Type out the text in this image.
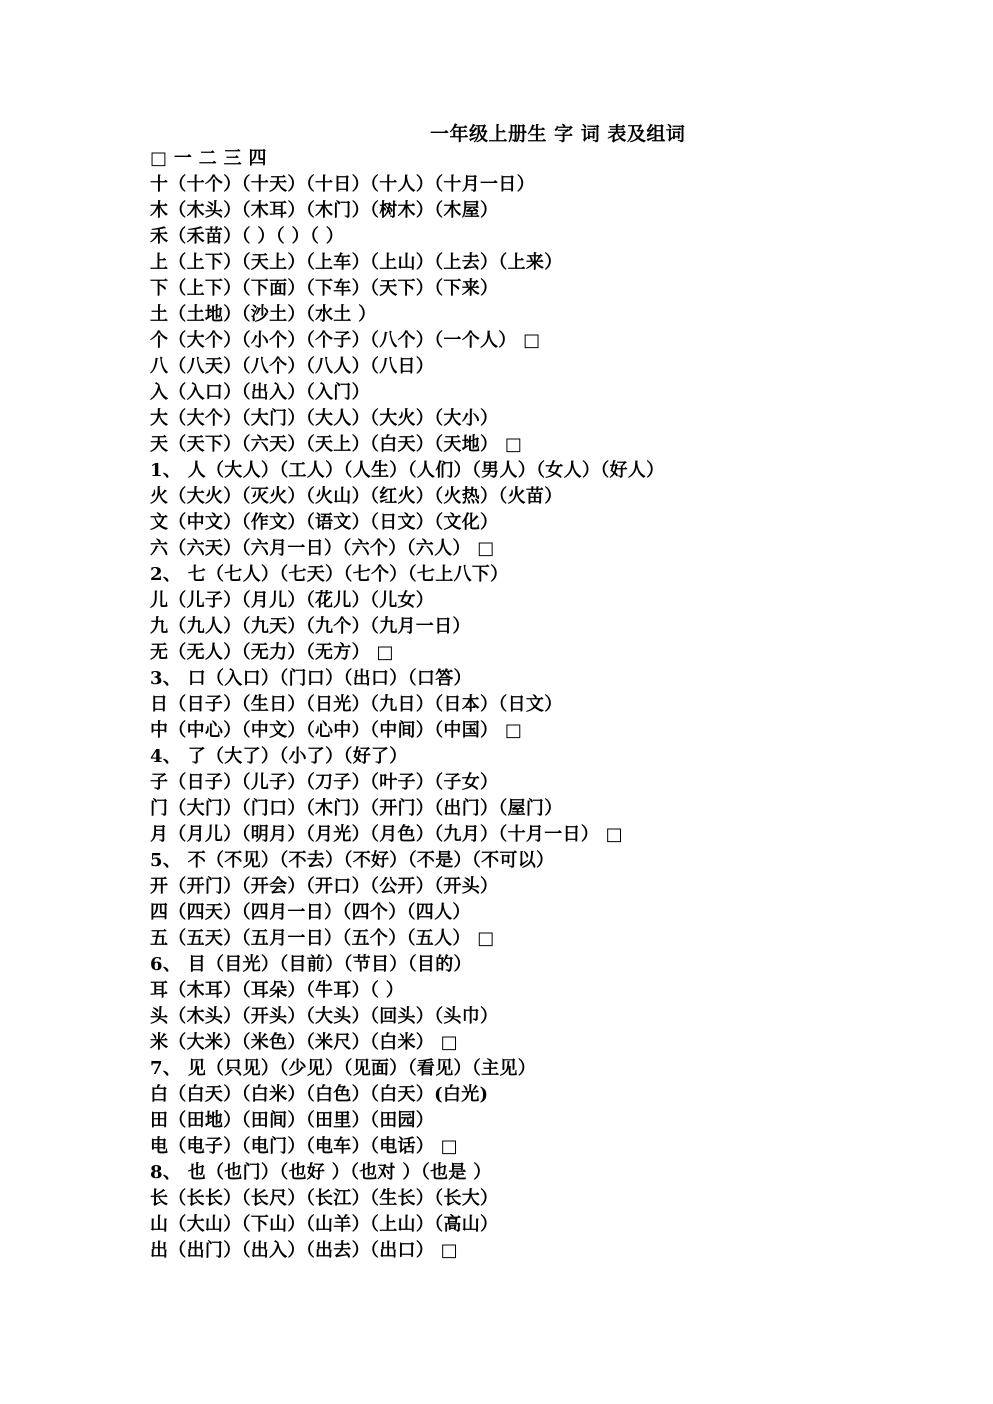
一年级上册生 字 词 表及组词
□ 一 二 三 四
十（十个）（十天）（十日）（十人）（十月一日）
木（木头）（木耳）（木门）（树木）（木屋）
禾（禾苗）（ ）（ ）（ ）
上（上下）（天上）（上车）（上山）（上去）（上来）
下（上下）（下面）（下车）（天下）（下来）
土（土地）（沙土）（水土 ）
个（大个）（小个）（个子）（八个）（一个人） □
八（八天）（八个）（八人）（八日）
入（入口）（出入）（入门）
大（大个）（大门）（大人）（大火）（大小）
天（天下）（六天）（天上）（白天）（天地） □
1、 人（大人）（工人）（人生）（人们）（男人）（女人）（好人）
火（大火）（灭火）（火山）（红火）（火热）（火苗）
文（中文）（作文）（语文）（日文）（文化）
六（六天）（六月一日）（六个）（六人） □
2、 七（七人）（七天）（七个）（七上八下）
儿（儿子）（月儿）（花儿）（儿女）
九（九人）（九天）（九个）（九月一日）
无（无人）（无力）（无方） □
3、 口（入口）（门口）（出口）（口答）
日（日子）（生日）（日光）（九日）（日本）（日文）
中（中心）（中文）（心中）（中间）（中国） □
4、 了（大了）（小了）（好了）
子（日子）（儿子）（刀子）（叶子）（子女）
门（大门）（门口）（木门）（开门）（出门）（屋门）
月（月儿）（明月）（月光）（月色）（九月）（十月一日） □
5、 不（不见）（不去）（不好）（不是）（不可以）
开（开门）（开会）（开口）（公开）（开头）
四（四天）（四月一日）（四个）（四人）
五（五天）（五月一日）（五个）（五人） □
6、 目（目光）（目前）（节目）（目的）
耳（木耳）（耳朵）（牛耳）（ ）
头（木头）（开头）（大头）（回头）（头巾）
米（大米）（米色）（米尺）（白米） □
7、 见（只见）（少见）（见面）（看见）（主见）
白（白天）（白米）（白色）（白天）(白光)
田（田地）（田间）（田里）（田园）
电（电子）（电门）（电车）（电话） □
8、 也（也门）（也好 ）（也对 ）（也是 ）
长（长长）（长尺）（长江）（生长）（长大）
山（大山）（下山）（山羊）（上山）（高山）
出（出门）（出入）（出去）（出口） □
